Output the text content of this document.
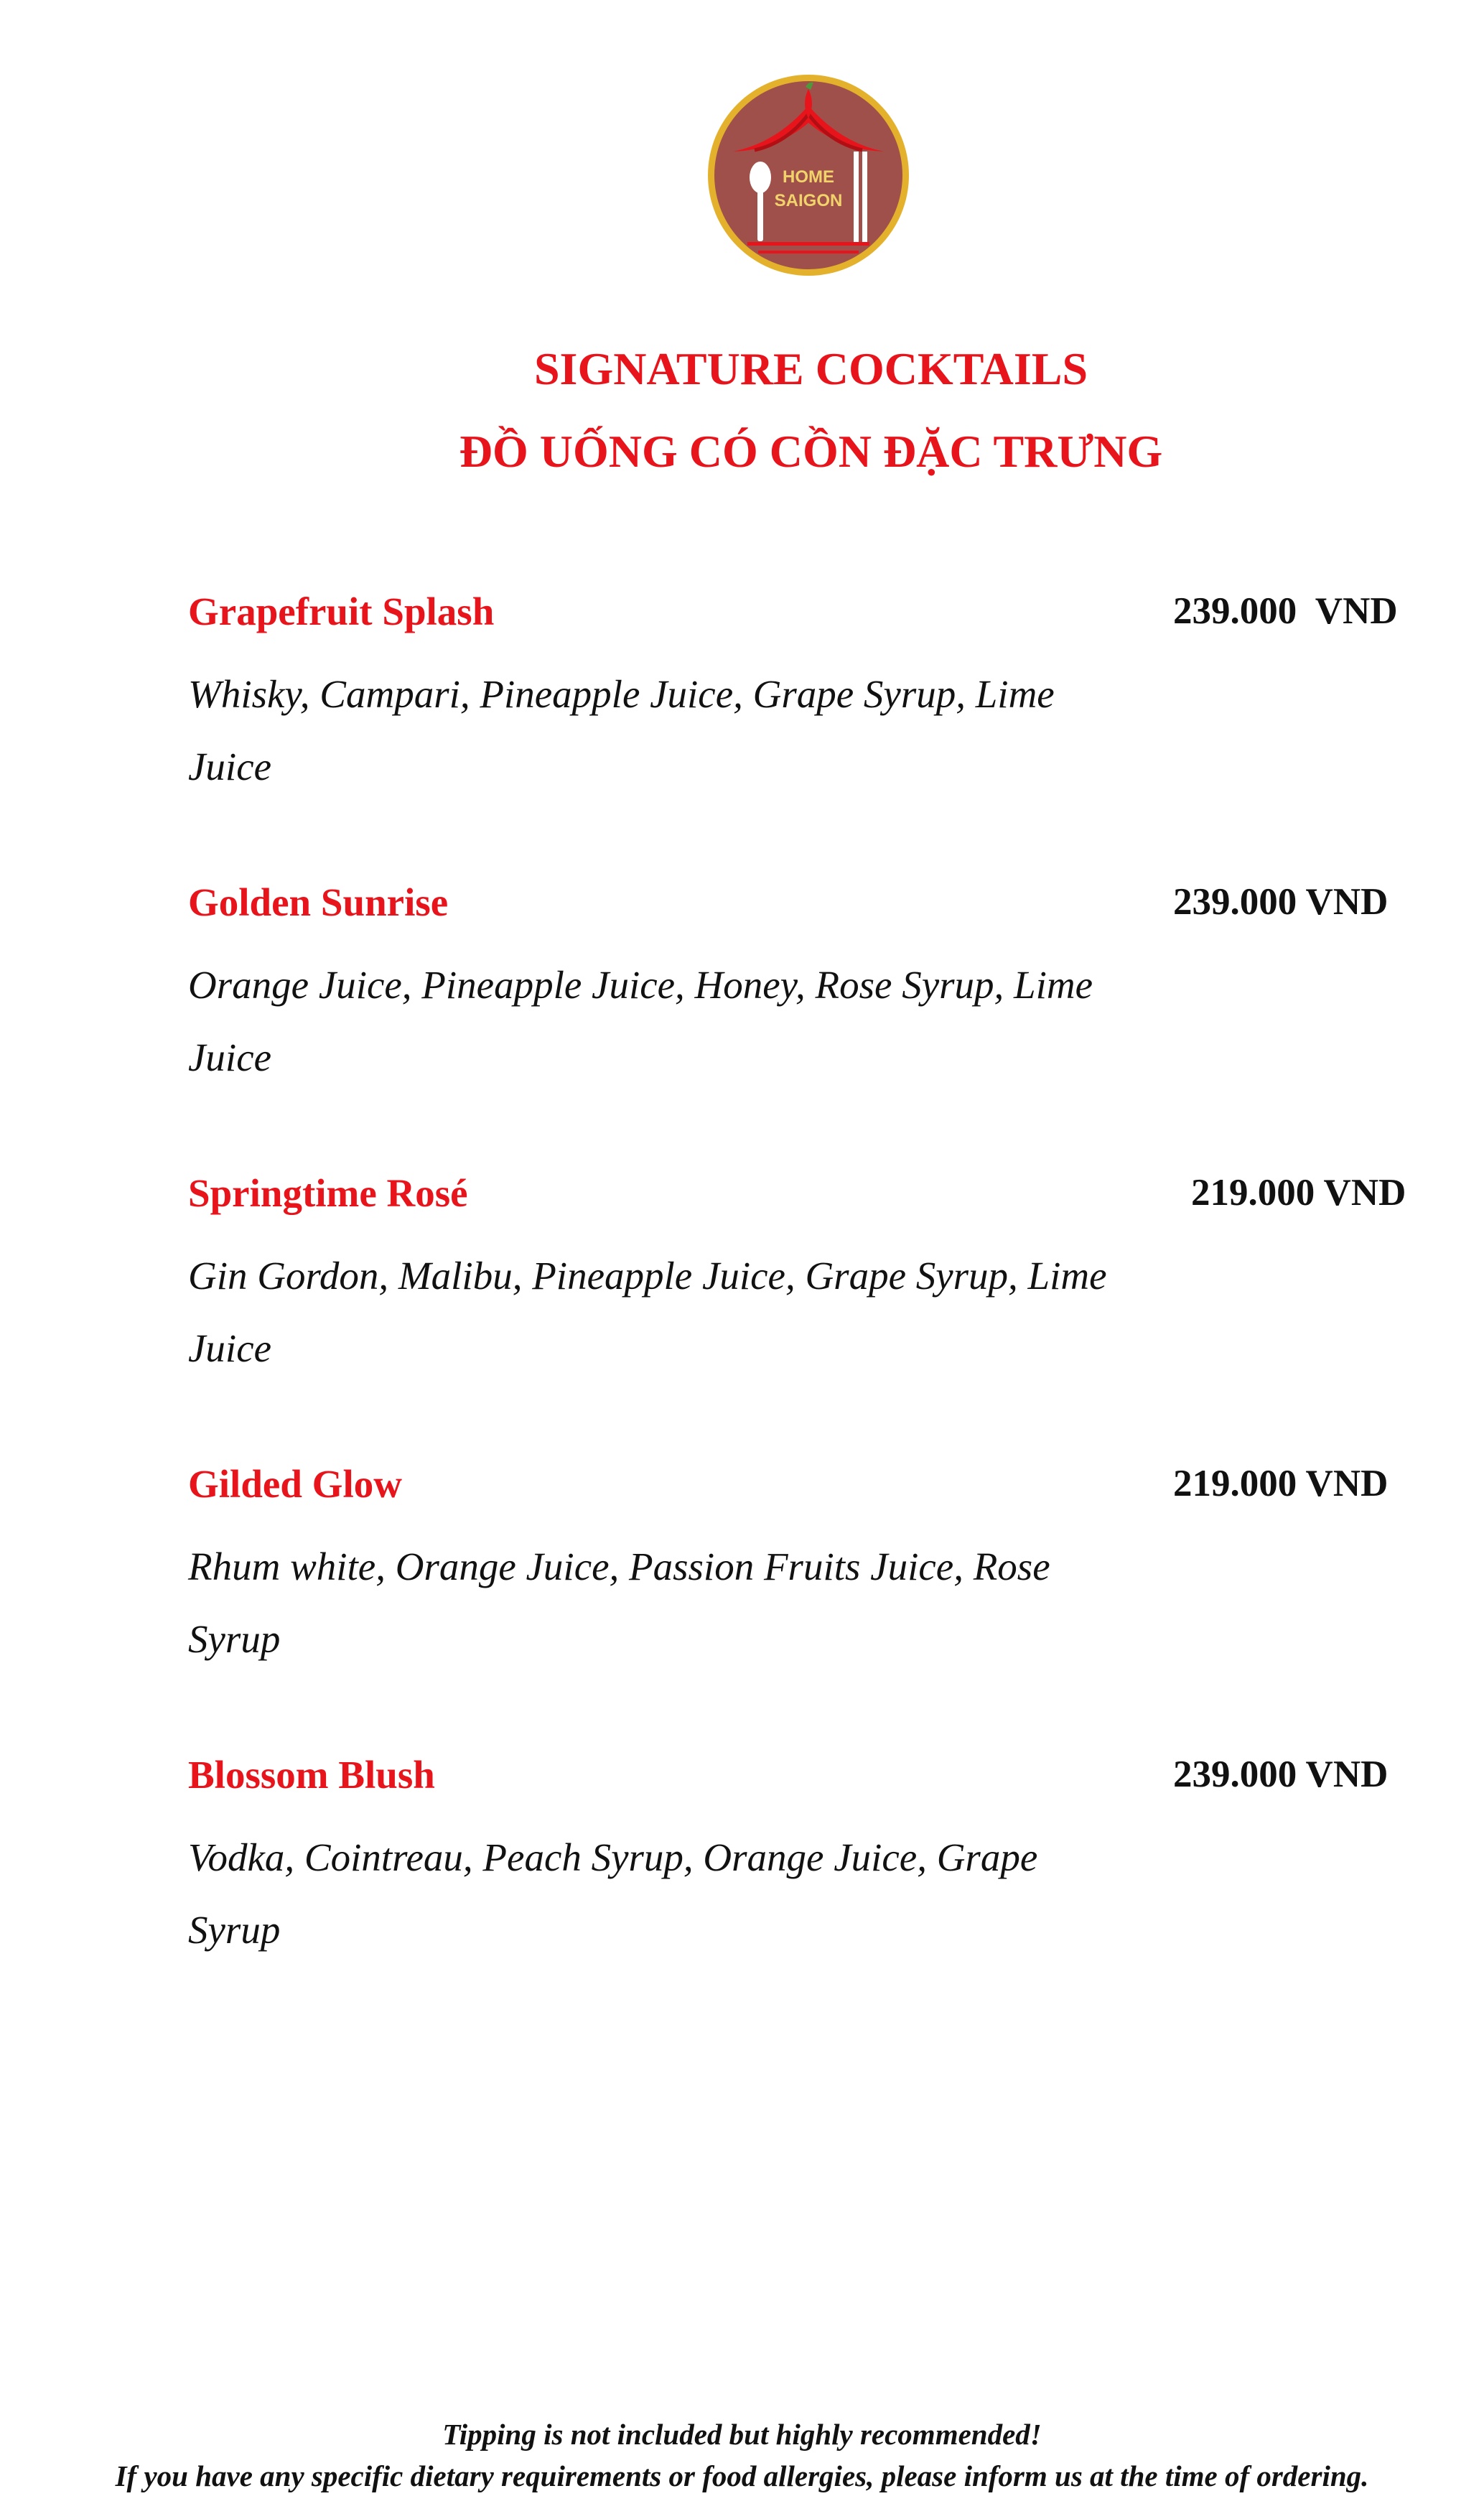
HOME
SAIGON
SIGNATURE COCKTAILS
ĐỒ UỐNG CÓ CỒN ĐẶC TRƯNG
Grapefruit Splash	239.000  VND
Whisky, Campari, Pineapple Juice, Grape Syrup, Lime Juice
Golden Sunrise	239.000 VND
Orange Juice, Pineapple Juice, Honey, Rose Syrup, Lime Juice
Springtime Rosé	219.000 VND
Gin Gordon, Malibu, Pineapple Juice, Grape Syrup, Lime Juice
Gilded Glow	219.000 VND
Rhum white, Orange Juice, Passion Fruits Juice, Rose Syrup
Blossom Blush	239.000 VND
Vodka, Cointreau, Peach Syrup, Orange Juice, Grape Syrup
Tipping is not included but highly recommended!
If you have any specific dietary requirements or food allergies, please inform us at the time of ordering.
